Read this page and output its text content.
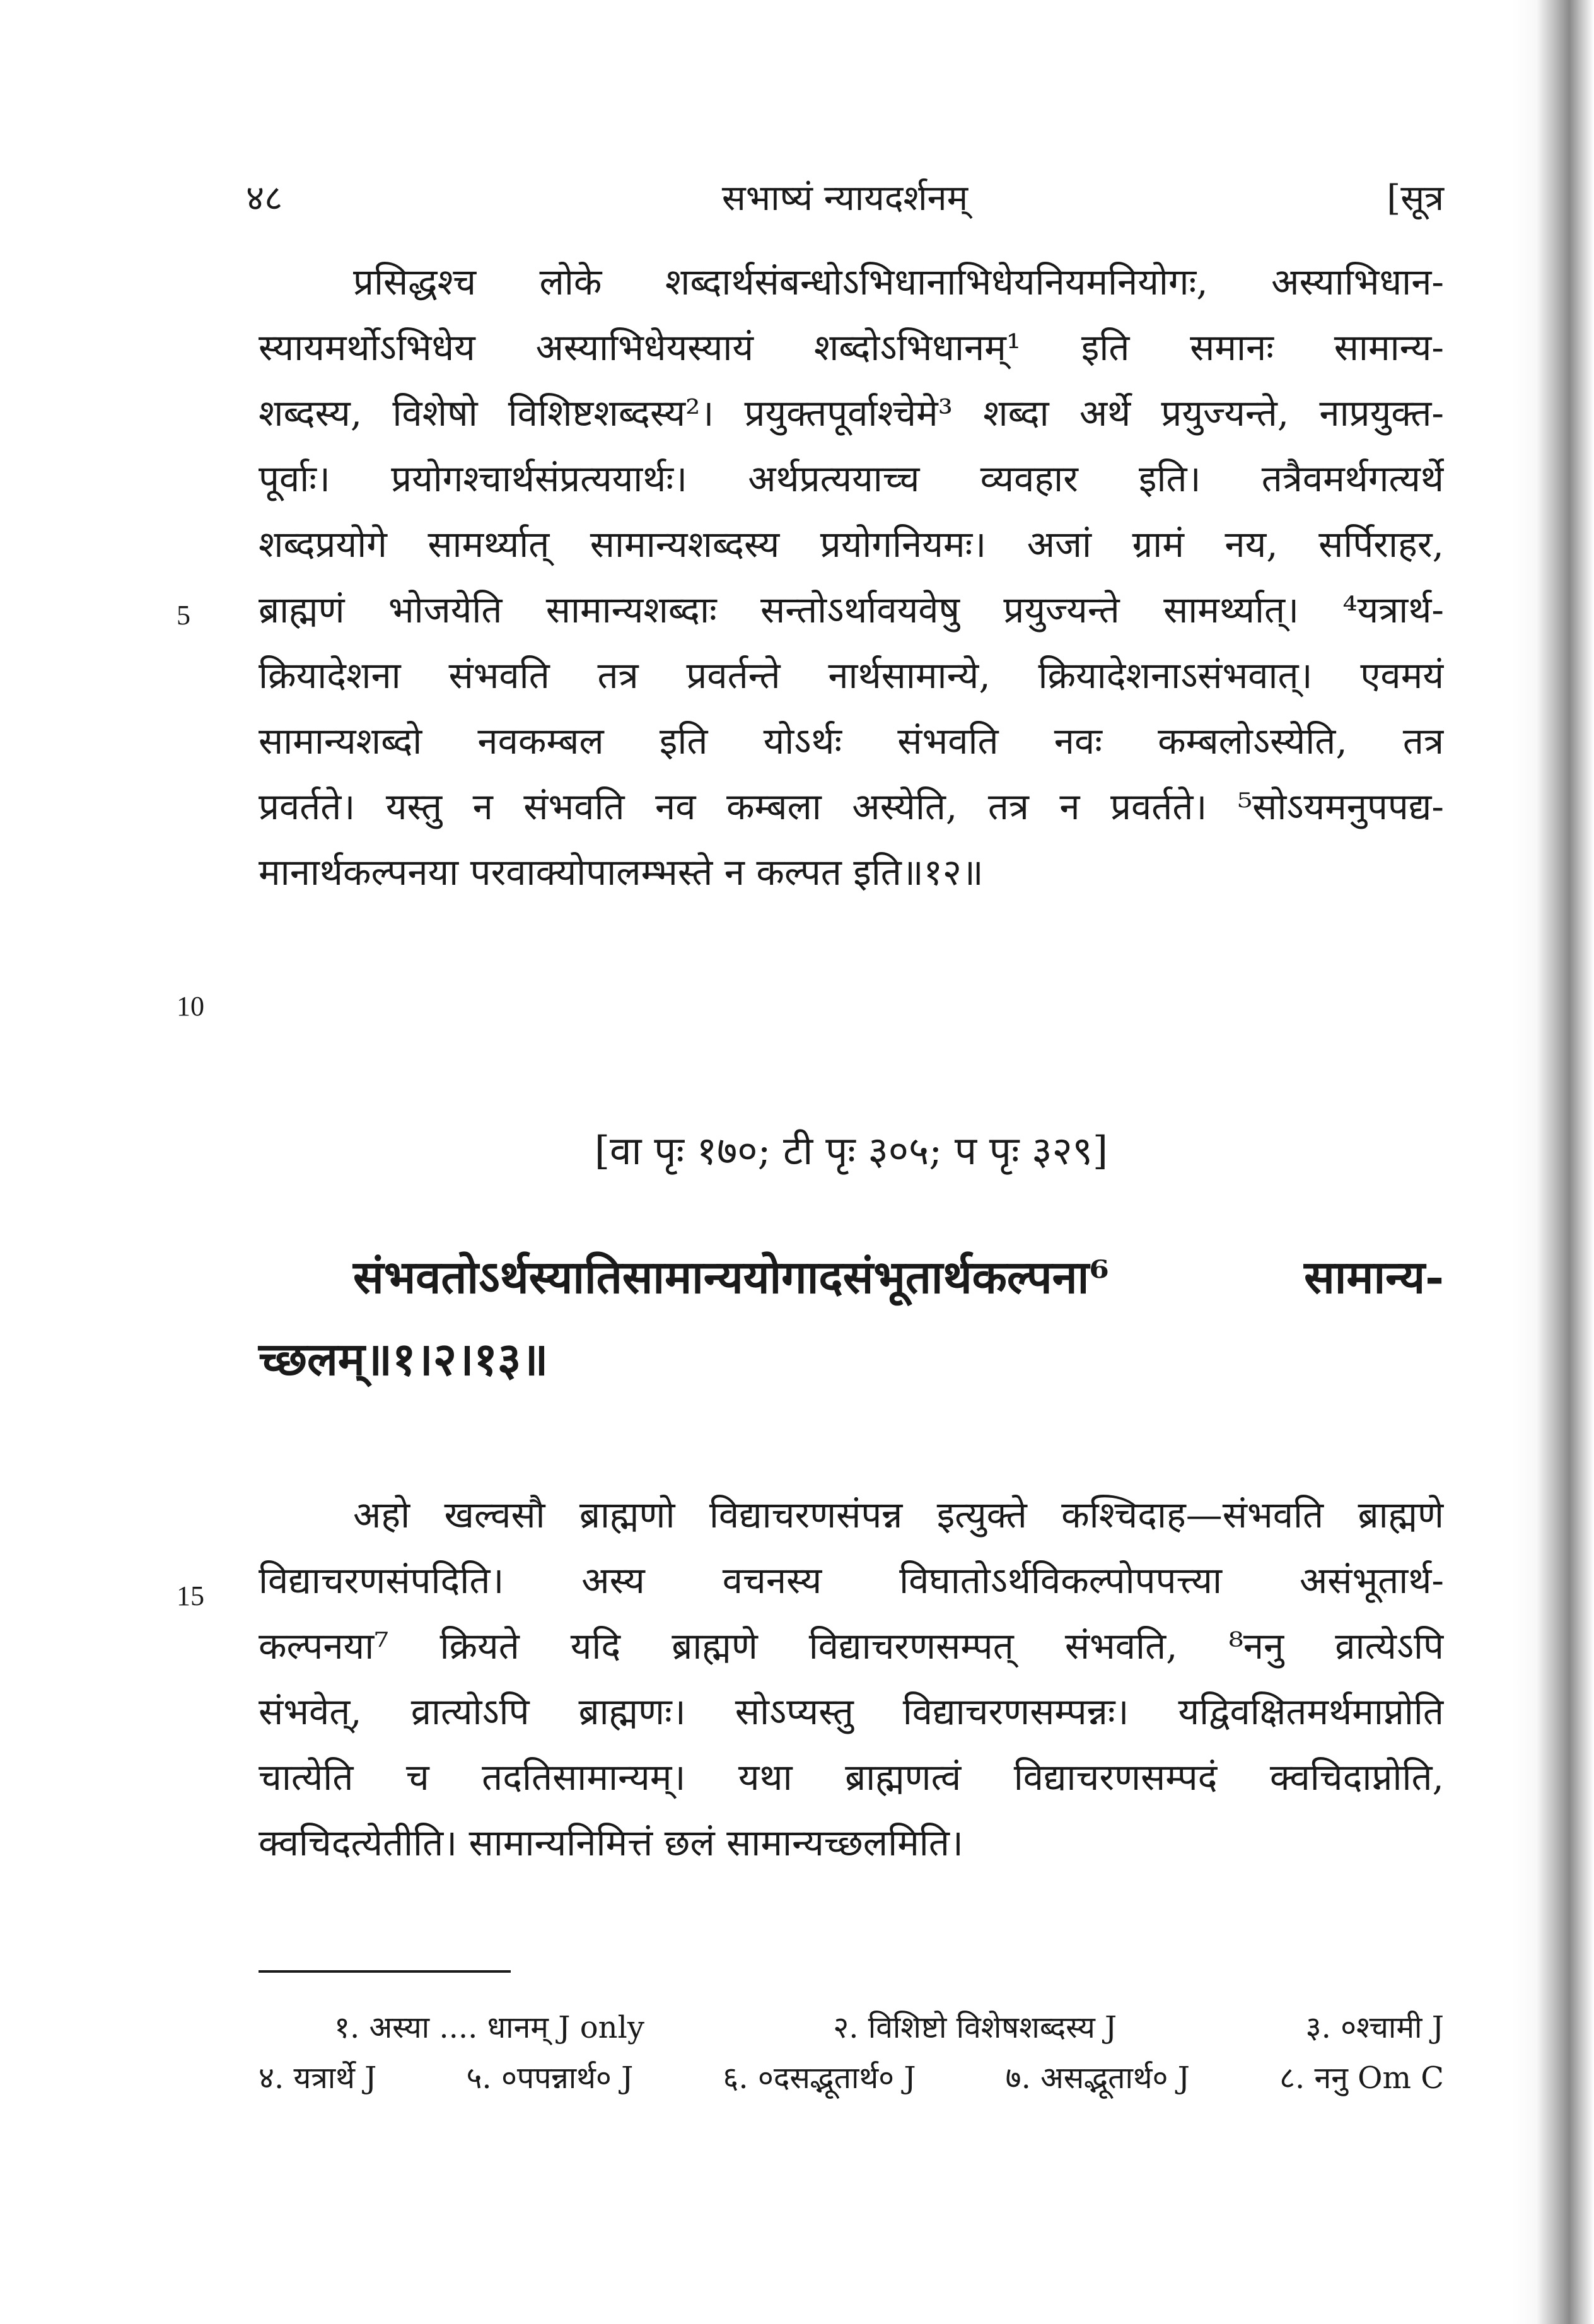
४८	सभाष्यं न्यायदर्शनम्	[सूत्र
प्रसिद्धश्च लोके शब्दार्थसंबन्धोऽभिधानाभिधेयनियमनियोगः, अस्याभिधान-
स्यायमर्थोऽभिधेय अस्याभिधेयस्यायं शब्दोऽभिधानम्¹ इति समानः सामान्य-
शब्दस्य, विशेषो विशिष्टशब्दस्य²। प्रयुक्तपूर्वाश्चेमे³ शब्दा अर्थे प्रयुज्यन्ते, नाप्रयुक्त-
पूर्वाः। प्रयोगश्चार्थसंप्रत्ययार्थः। अर्थप्रत्ययाच्च व्यवहार इति। तत्रैवमर्थगत्यर्थे
शब्दप्रयोगे सामर्थ्यात् सामान्यशब्दस्य प्रयोगनियमः। अजां ग्रामं नय, सर्पिराहर,
ब्राह्मणं भोजयेति सामान्यशब्दाः सन्तोऽर्थावयवेषु प्रयुज्यन्ते सामर्थ्यात्। ⁴यत्रार्थ-
क्रियादेशना संभवति तत्र प्रवर्तन्ते नार्थसामान्ये, क्रियादेशनाऽसंभवात्। एवमयं
सामान्यशब्दो नवकम्बल इति योऽर्थः संभवति नवः कम्बलोऽस्येति, तत्र
प्रवर्तते। यस्तु न संभवति नव कम्बला अस्येति, तत्र न प्रवर्तते। ⁵सोऽयमनुपपद्य-
मानार्थकल्पनया परवाक्योपालम्भस्ते न कल्पत इति॥१२॥
5
10
15
[वा पृः १७०; टी पृः ३०५; प पृः ३२९]
संभवतोऽर्थस्यातिसामान्ययोगादसंभूतार्थकल्पना⁶ सामान्य-
च्छलम्॥१।२।१३॥
अहो खल्वसौ ब्राह्मणो विद्याचरणसंपन्न इत्युक्ते कश्चिदाह—संभवति ब्राह्मणे
विद्याचरणसंपदिति। अस्य वचनस्य विघातोऽर्थविकल्पोपपत्त्या असंभूतार्थ-
कल्पनया⁷ क्रियते यदि ब्राह्मणे विद्याचरणसम्पत् संभवति, ⁸ननु व्रात्येऽपि
संभवेत्, व्रात्योऽपि ब्राह्मणः। सोऽप्यस्तु विद्याचरणसम्पन्नः। यद्विवक्षितमर्थमाप्नोति
चात्येति च तदतिसामान्यम्। यथा ब्राह्मणत्वं विद्याचरणसम्पदं क्वचिदाप्नोति,
क्वचिदत्येतीति। सामान्यनिमित्तं छलं सामान्यच्छलमिति।
१. अस्या .... धानम् J only	२. विशिष्टो विशेषशब्दस्य J	३. ०श्चामी J
४. यत्रार्थे J	५. ०पपन्नार्थ० J	६. ०दसद्भूतार्थ० J	७. असद्भूतार्थ० J	८. ननु Om C
